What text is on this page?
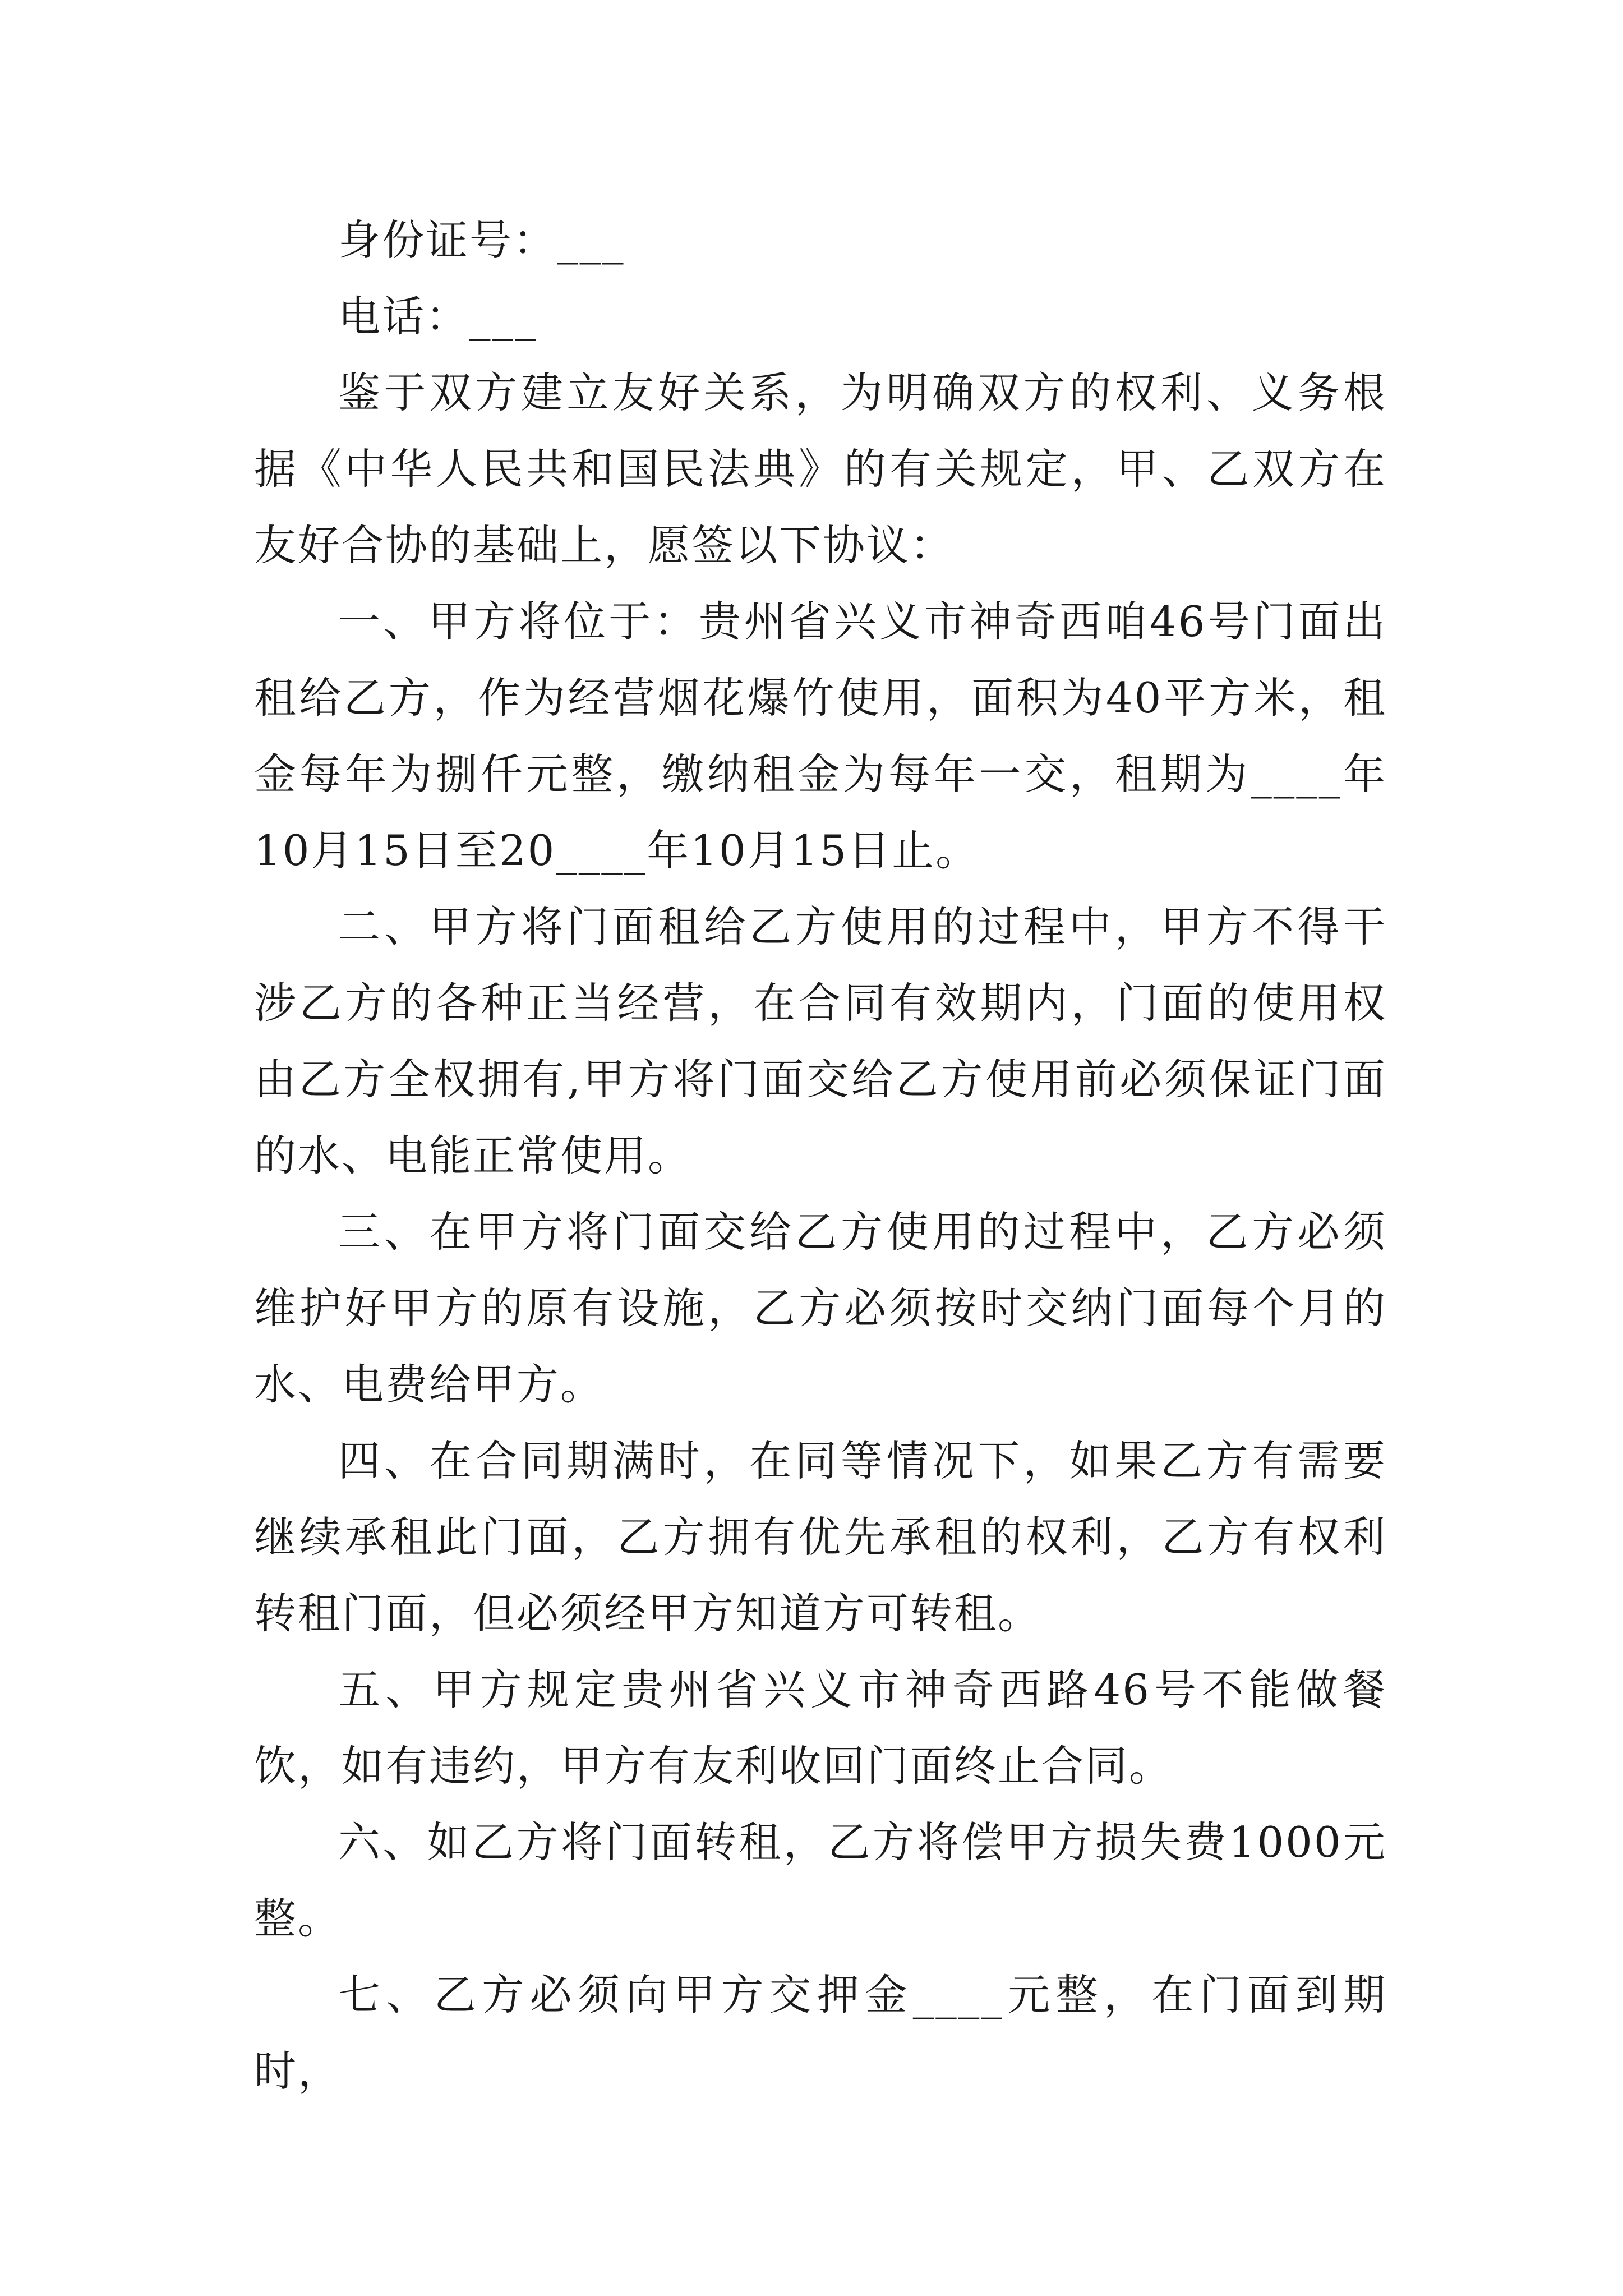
身份证号：___

电话：___

鉴于双方建立友好关系，为明确双方的权利、义务根据《中华人民共和国民法典》的有关规定，甲、乙双方在友好合协的基础上，愿签以下协议：

一、甲方将位于：贵州省兴义市神奇西咱46号门面出租给乙方，作为经营烟花爆竹使用，面积为40平方米，租金每年为捌仟元整，缴纳租金为每年一交，租期为____年10月15日至20____年10月15日止。

二、甲方将门面租给乙方使用的过程中，甲方不得干涉乙方的各种正当经营，在合同有效期内，门面的使用权由乙方全权拥有,甲方将门面交给乙方使用前必须保证门面的水、电能正常使用。

三、在甲方将门面交给乙方使用的过程中，乙方必须维护好甲方的原有设施，乙方必须按时交纳门面每个月的水、电费给甲方。

四、在合同期满时，在同等情况下，如果乙方有需要继续承租此门面，乙方拥有优先承租的权利，乙方有权利转租门面，但必须经甲方知道方可转租。

五、甲方规定贵州省兴义市神奇西路46号不能做餐饮，如有违约，甲方有友利收回门面终止合同。

六、如乙方将门面转租，乙方将偿甲方损失费1000元整。

七、乙方必须向甲方交押金____元整，在门面到期时，
